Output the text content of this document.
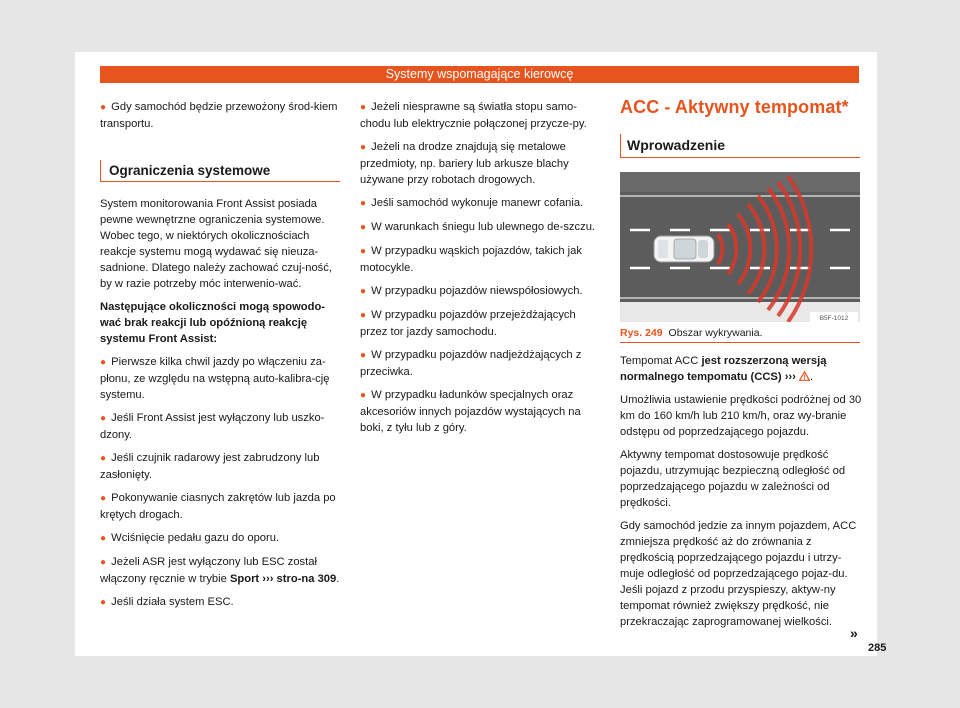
Systemy wspomagające kierowcę

● Gdy samochód będzie przewożony środ-kiem transportu.

Ograniczenia systemowe

System monitorowania Front Assist posiada pewne wewnętrzne ograniczenia systemowe. Wobec tego, w niektórych okolicznościach reakcje systemu mogą wydawać się nieuza-sadnione. Dlatego należy zachować czuj-ność, by w razie potrzeby móc interwenio-wać.

Następujące okoliczności mogą spowodo-wać brak reakcji lub opóźnioną reakcję systemu Front Assist:

● Pierwsze kilka chwil jazdy po włączeniu za-płonu, ze względu na wstępną auto-kalibra-cję systemu.

● Jeśli Front Assist jest wyłączony lub uszko-dzony.

● Jeśli czujnik radarowy jest zabrudzony lub zasłonięty.

● Pokonywanie ciasnych zakrętów lub jazda po krętych drogach.

● Wciśnięcie pedału gazu do oporu.

● Jeżeli ASR jest wyłączony lub ESC został włączony ręcznie w trybie Sport ››› stro-na 309.

● Jeśli działa system ESC.

● Jeżeli niesprawne są światła stopu samo-chodu lub elektrycznie połączonej przycze-py.

● Jeżeli na drodze znajdują się metalowe przedmioty, np. bariery lub arkusze blachy używane przy robotach drogowych.

● Jeśli samochód wykonuje manewr cofania.

● W warunkach śniegu lub ulewnego de-szczu.

● W przypadku wąskich pojazdów, takich jak motocykle.

● W przypadku pojazdów niewspółosiowych.

● W przypadku pojazdów przejeżdżających przez tor jazdy samochodu.

● W przypadku pojazdów nadjeżdżających z przeciwka.

● W przypadku ładunków specjalnych oraz akcesoriów innych pojazdów wystających na boki, z tyłu lub z góry.

ACC - Aktywny tempomat*
Wprowadzenie
B5F-1012
Rys. 249 Obszar wykrywania.

Tempomat ACC jest rozszerzoną wersją normalnego tempomatu (CCS) ››› .

Umożliwia ustawienie prędkości podróżnej od 30 km do 160 km/h lub 210 km/h, oraz wy-branie odstępu od poprzedzającego pojazdu.

Aktywny tempomat dostosowuje prędkość pojazdu, utrzymując bezpieczną odległość od poprzedzającego pojazdu w zależności od prędkości.

Gdy samochód jedzie za innym pojazdem, ACC zmniejsza prędkość aż do zrównania z prędkością poprzedzającego pojazdu i utrzy-muje odległość od poprzedzającego pojaz-du. Jeśli pojazd z przodu przyspieszy, aktyw-ny tempomat również zwiększy prędkość, nie przekraczając zaprogramowanej wielkości.

»
285
